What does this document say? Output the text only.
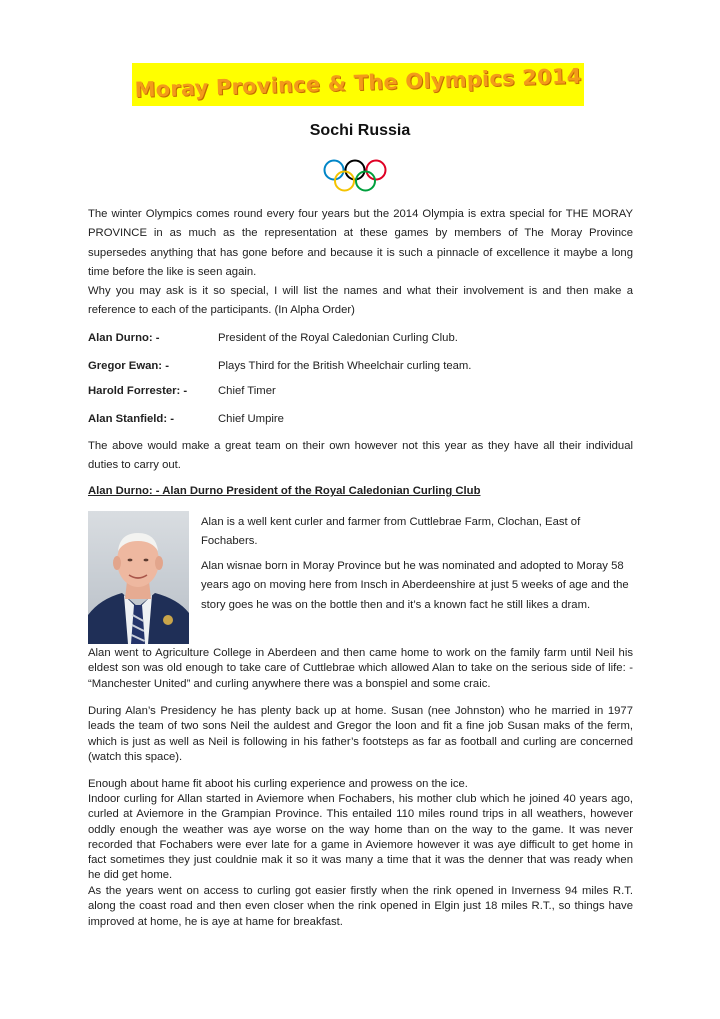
Moray Province & The Olympics 2014
Sochi Russia

The winter Olympics comes round every four years but the 2014 Olympia is extra special for THE MORAY PROVINCE in as much as the representation at these games by members of The Moray Province supersedes anything that has gone before and because it is such a pinnacle of excellence it maybe a long time before the like is seen again.

Why you may ask is it so special, I will list the names and what their involvement is and then make a reference to each of the participants. (In Alpha Order)

Alan Durno: -	President of the Royal Caledonian Curling Club.
Gregor Ewan: -	Plays Third for the British Wheelchair curling team.
Harold Forrester: -	Chief Timer
Alan Stanfield: -	Chief Umpire

The above would make a great team on their own however not this year as they have all their individual duties to carry out.

Alan Durno: - Alan Durno President of the Royal Caledonian Curling Club

Alan is a well kent curler and farmer from Cuttlebrae Farm, Clochan, East of Fochabers.

Alan wisnae born in Moray Province but he was nominated and adopted to Moray 58 years ago on moving here from Insch in Aberdeenshire at just 5 weeks of age and the story goes he was on the bottle then and it’s a known fact he still likes a dram.

Alan went to Agriculture College in Aberdeen and then came home to work on the family farm until Neil his eldest son was old enough to take care of Cuttlebrae which allowed Alan to take on the serious side of life: - “Manchester United” and curling anywhere there was a bonspiel and some craic.

During Alan’s Presidency he has plenty back up at home. Susan (nee Johnston) who he married in 1977 leads the team of two sons Neil the auldest and Gregor the loon and fit a fine job Susan maks of the ferm, which is just as well as Neil is following in his father’s footsteps as far as football and curling are concerned (watch this space).

Enough about hame fit aboot his curling experience and prowess on the ice.

Indoor curling for Allan started in Aviemore when Fochabers, his mother club which he joined 40 years ago, curled at Aviemore in the Grampian Province. This entailed 110 miles round trips in all weathers, however oddly enough the weather was aye worse on the way home than on the way to the game. It was never recorded that Fochabers were ever late for a game in Aviemore however it was aye difficult to get home in fact sometimes they just couldnie mak it so it was many a time that it was the denner that was ready when he did get home.

As the years went on access to curling got easier firstly when the rink opened in Inverness 94 miles R.T. along the coast road and then even closer when the rink opened in Elgin just 18 miles R.T., so things have improved at home, he is aye at hame for breakfast.
